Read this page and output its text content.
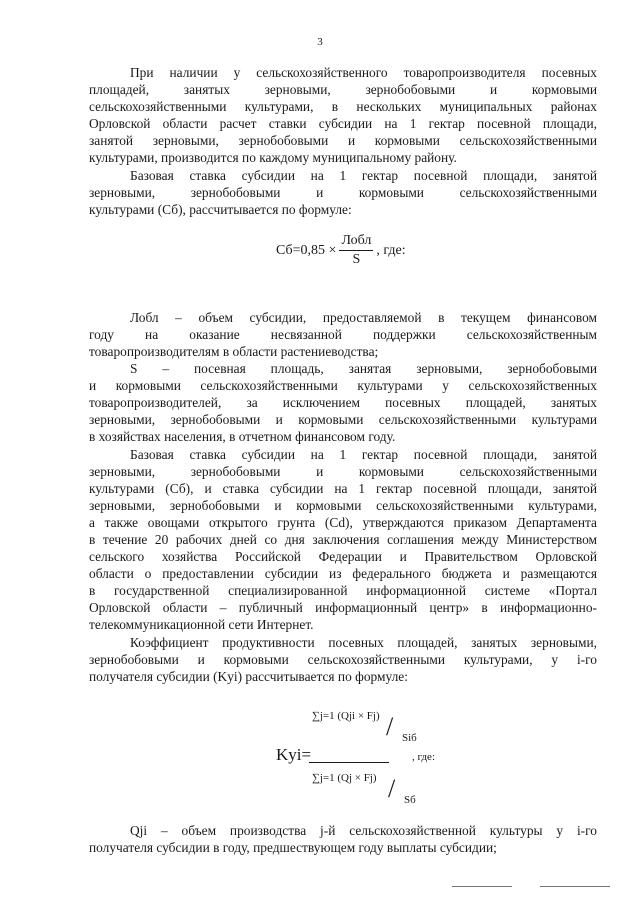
3
При наличии у сельскохозяйственного товаропроизводителя посевных
площадей, занятых зерновыми, зернобобовыми и кормовыми
сельскохозяйственными культурами, в нескольких муниципальных районах
Орловской области расчет ставки субсидии на 1 гектар посевной площади,
занятой зерновыми, зернобобовыми и кормовыми сельскохозяйственными
культурами, производится по каждому муниципальному району.
Базовая ставка субсидии на 1 гектар посевной площади, занятой
зерновыми, зернобобовыми и кормовыми сельскохозяйственными
культурами (Сб), рассчитывается по формуле:
$Сб=0,85 \times \frac{\text{Лобл}}{S}$ , где:
Лобл – объем субсидии, предоставляемой в текущем финансовом
году на оказание несвязанной поддержки сельскохозяйственным
товаропроизводителям в области растениеводства;
S – посевная площадь, занятая зерновыми, зернобобовыми
и кормовыми сельскохозяйственными культурами у сельскохозяйственных
товаропроизводителей, за исключением посевных площадей, занятых
зерновыми, зернобобовыми и кормовыми сельскохозяйственными культурами
в хозяйствах населения, в отчетном финансовом году.
Базовая ставка субсидии на 1 гектар посевной площади, занятой
зерновыми, зернобобовыми и кормовыми сельскохозяйственными
культурами (Сб), и ставка субсидии на 1 гектар посевной площади, занятой
зерновыми, зернобобовыми и кормовыми сельскохозяйственными культурами,
а также овощами открытого грунта (Сd), утверждаются приказом Департамента
в течение 20 рабочих дней со дня заключения соглашения между Министерством
сельского хозяйства Российской Федерации и Правительством Орловской
области о предоставлении субсидии из федерального бюджета и размещаются
в государственной специализированной информационной системе «Портал
Орловской области – публичный информационный центр» в информационно-
телекоммуникационной сети Интернет.
Коэффициент продуктивности посевных площадей, занятых зерновыми,
зернобобовыми и кормовыми сельскохозяйственными культурами, у i-го
получателя субсидии (Kyi) рассчитывается по формуле:
∑j=1 (Qji × Fj) / Siб
Kyi=	, где:
∑j=1 (Qj × Fj) / Sб
Qji – объем производства j-й сельскохозяйственной культуры у i-го
получателя субсидии в году, предшествующем году выплаты субсидии;
